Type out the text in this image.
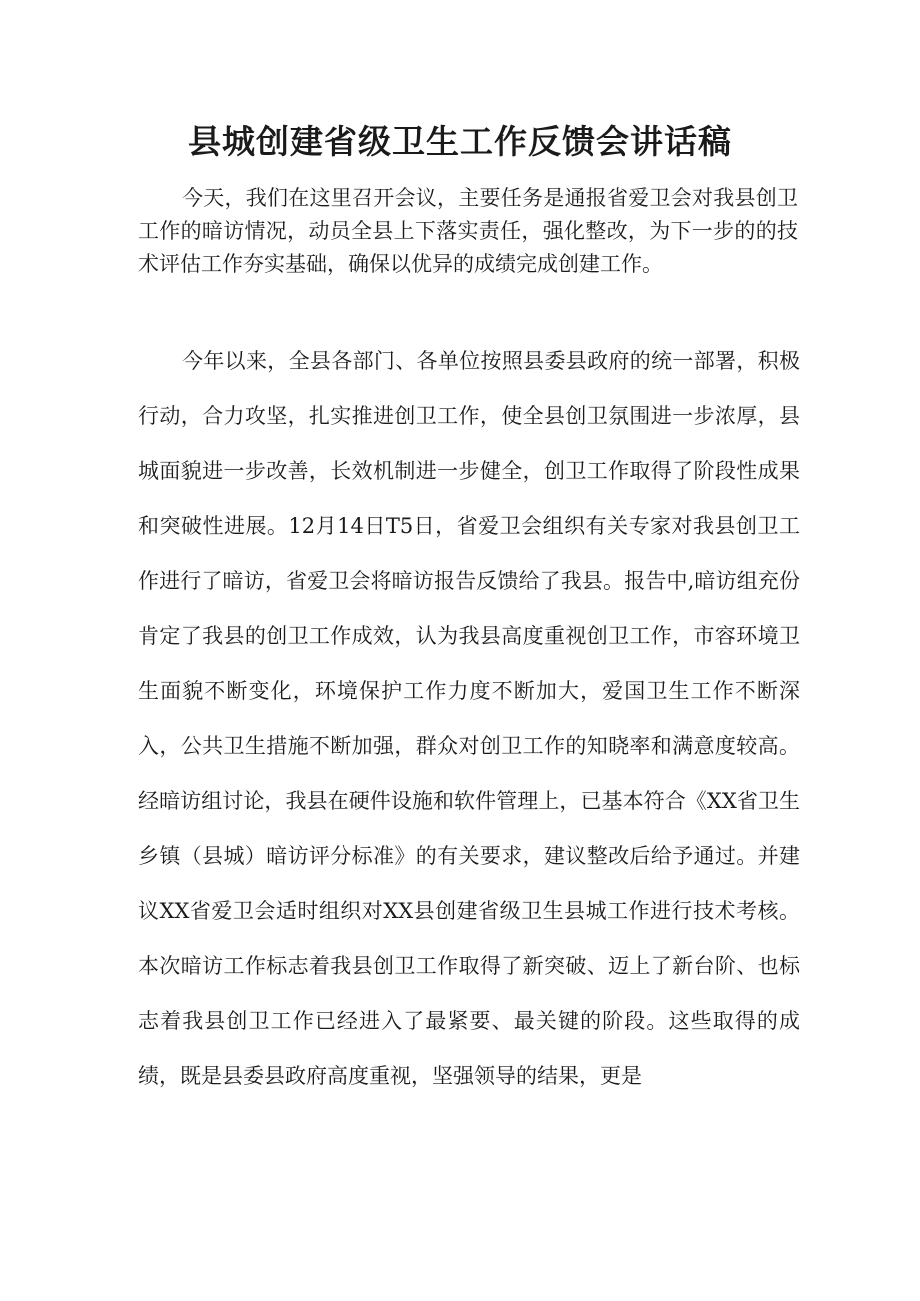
县城创建省级卫生工作反馈会讲话稿

今天，我们在这里召开会议，主要任务是通报省爱卫会对我县创卫工作的暗访情况，动员全县上下落实责任，强化整改，为下一步的的技术评估工作夯实基础，确保以优异的成绩完成创建工作。

今年以来，全县各部门、各单位按照县委县政府的统一部署，积极行动，合力攻坚，扎实推进创卫工作，使全县创卫氛围进一步浓厚，县城面貌进一步改善，长效机制进一步健全，创卫工作取得了阶段性成果和突破性进展。12月14日T5日，省爱卫会组织有关专家对我县创卫工作进行了暗访，省爱卫会将暗访报告反馈给了我县。报告中,暗访组充份肯定了我县的创卫工作成效，认为我县高度重视创卫工作，市容环境卫生面貌不断变化，环境保护工作力度不断加大，爱国卫生工作不断深入，公共卫生措施不断加强，群众对创卫工作的知晓率和满意度较高。经暗访组讨论，我县在硬件设施和软件管理上，已基本符合《XX省卫生乡镇（县城）暗访评分标准》的有关要求，建议整改后给予通过。并建议XX省爱卫会适时组织对XX县创建省级卫生县城工作进行技术考核。本次暗访工作标志着我县创卫工作取得了新突破、迈上了新台阶、也标志着我县创卫工作已经进入了最紧要、最关键的阶段。这些取得的成绩，既是县委县政府高度重视，坚强领导的结果，更是
